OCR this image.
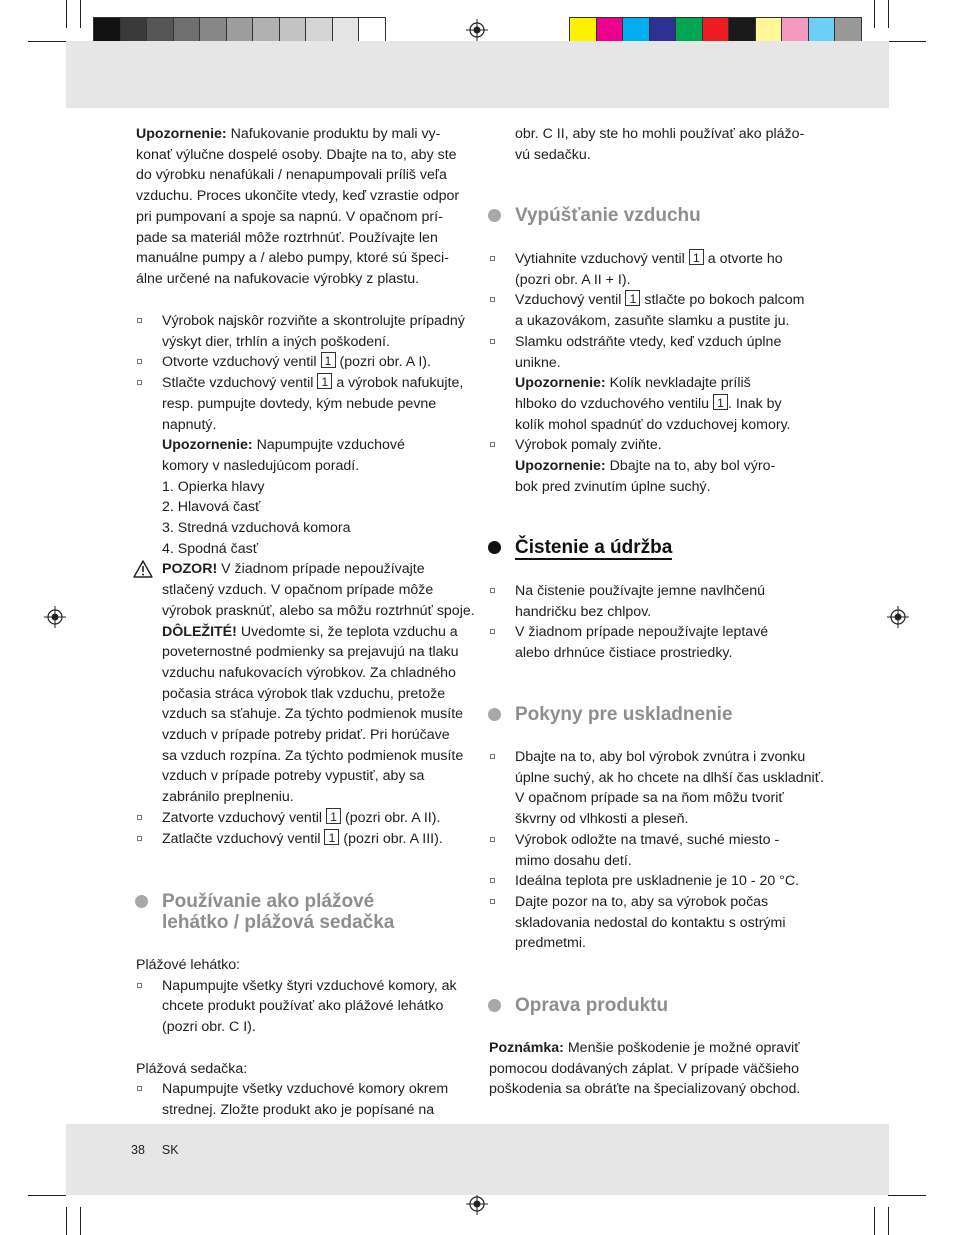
Upozornenie: Nafukovanie produktu by mali vy-

konať výlučne dospelé osoby. Dbajte na to, aby ste

do výrobku nenafúkali / nenapumpovali príliš veľa

vzduchu. Proces ukončite vtedy, keď vzrastie odpor

pri pumpovaní a spoje sa napnú. V opačnom prí-

pade sa materiál môže roztrhnúť. Používajte len

manuálne pumpy a / alebo pumpy, ktoré sú špeci-

álne určené na nafukovacie výrobky z plastu.

Výrobok najskôr rozviňte a skontrolujte prípadný

výskyt dier, trhlín a iných poškodení.

Otvorte vzduchový ventil 1 (pozri obr. A I).

Stlačte vzduchový ventil 1 a výrobok nafukujte,

resp. pumpujte dovtedy, kým nebude pevne

napnutý.

Upozornenie: Napumpujte vzduchové

komory v nasledujúcom poradí.

1. Opierka hlavy

2. Hlavová časť

3. Stredná vzduchová komora

4. Spodná časť

POZOR! V žiadnom prípade nepoužívajte

stlačený vzduch. V opačnom prípade môže

výrobok prasknúť, alebo sa môžu roztrhnúť spoje.

DÔLEŽITÉ! Uvedomte si, že teplota vzduchu a

poveternostné podmienky sa prejavujú na tlaku

vzduchu nafukovacích výrobkov. Za chladného

počasia stráca výrobok tlak vzduchu, pretože

vzduch sa sťahuje. Za týchto podmienok musíte

vzduch v prípade potreby pridať. Pri horúčave

sa vzduch rozpína. Za týchto podmienok musíte

vzduch v prípade potreby vypustiť, aby sa

zabránilo preplneniu.

Zatvorte vzduchový ventil 1 (pozri obr. A II).

Zatlačte vzduchový ventil 1 (pozri obr. A III).

Používanie ako plážové
lehátko / plážová sedačka

Plážové lehátko:

Napumpujte všetky štyri vzduchové komory, ak

chcete produkt používať ako plážové lehátko

(pozri obr. C I).

Plážová sedačka:

Napumpujte všetky vzduchové komory okrem

strednej. Zložte produkt ako je popísané na

obr. C II, aby ste ho mohli používať ako plážo-

vú sedačku.

Vypúšťanie vzduchu

Vytiahnite vzduchový ventil 1 a otvorte ho

(pozri obr. A II + I).

Vzduchový ventil 1 stlačte po bokoch palcom

a ukazovákom, zasuňte slamku a pustite ju.

Slamku odstráňte vtedy, keď vzduch úplne

unikne.

Upozornenie: Kolík nevkladajte príliš

hlboko do vzduchového ventilu 1 . Inak by

kolík mohol spadnúť do vzduchovej komory.

Výrobok pomaly zviňte.

Upozornenie: Dbajte na to, aby bol výro-

bok pred zvinutím úplne suchý.

Čistenie a údržba

Na čistenie používajte jemne navlhčenú

handričku bez chlpov.

V žiadnom prípade nepoužívajte leptavé

alebo drhnúce čistiace prostriedky.

Pokyny pre uskladnenie

Dbajte na to, aby bol výrobok zvnútra i zvonku

úplne suchý, ak ho chcete na dlhší čas uskladniť.

V opačnom prípade sa na ňom môžu tvoriť

škvrny od vlhkosti a pleseň.

Výrobok odložte na tmavé, suché miesto -

mimo dosahu detí.

Ideálna teplota pre uskladnenie je 10 - 20 °C.

Dajte pozor na to, aby sa výrobok počas

skladovania nedostal do kontaktu s ostrými

predmetmi.

Oprava produktu

Poznámka: Menšie poškodenie je možné opraviť

pomocou dodávaných záplat. V prípade väčšieho

poškodenia sa obráťte na špecializovaný obchod.

38 SK
